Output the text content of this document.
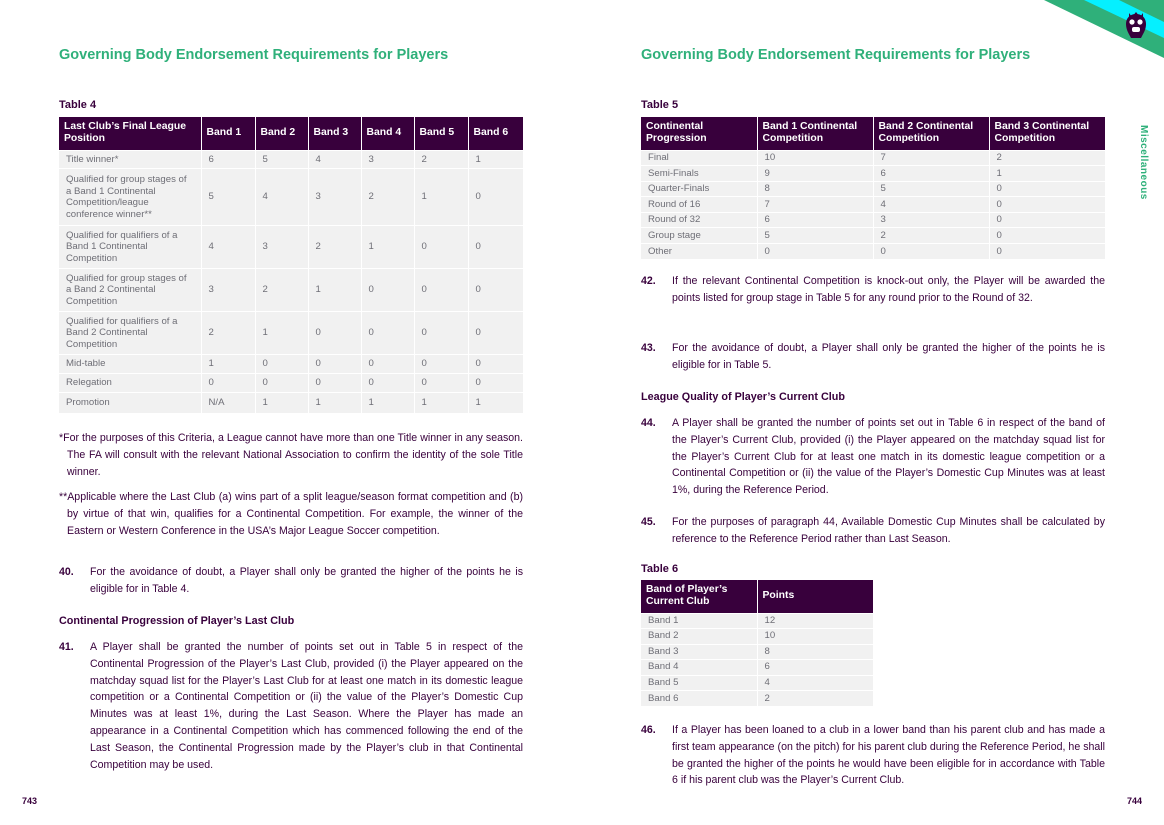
Governing Body Endorsement Requirements for Players
Table 4
Last Club’s Final League Position	Band 1	Band 2	Band 3	Band 4	Band 5	Band 6
Title winner*	6	5	4	3	2	1
Qualified for group stages of a Band 1 Continental Competition/league conference winner**	5	4	3	2	1	0
Qualified for qualifiers of a Band 1 Continental Competition	4	3	2	1	0	0
Qualified for group stages of a Band 2 Continental Competition	3	2	1	0	0	0
Qualified for qualifiers of a Band 2 Continental Competition	2	1	0	0	0	0
Mid-table	1	0	0	0	0	0
Relegation	0	0	0	0	0	0
Promotion	N/A	1	1	1	1	1
*For the purposes of this Criteria, a League cannot have more than one Title winner in any season. The FA will consult with the relevant National Association to confirm the identity of the sole Title winner.
**Applicable where the Last Club (a) wins part of a split league/season format competition and (b) by virtue of that win, qualifies for a Continental Competition. For example, the winner of the Eastern or Western Conference in the USA’s Major League Soccer competition.
40. For the avoidance of doubt, a Player shall only be granted the higher of the points he is eligible for in Table 4.
Continental Progression of Player’s Last Club
41. A Player shall be granted the number of points set out in Table 5 in respect of the Continental Progression of the Player’s Last Club, provided (i) the Player appeared on the matchday squad list for the Player’s Last Club for at least one match in its domestic league competition or a Continental Competition or (ii) the value of the Player’s Domestic Cup Minutes was at least 1%, during the Last Season. Where the Player has made an appearance in a Continental Competition which has commenced following the end of the Last Season, the Continental Progression made by the Player’s club in that Continental Competition may be used.
743
Miscellaneous
Governing Body Endorsement Requirements for Players
Table 5
Continental Progression	Band 1 Continental Competition	Band 2 Continental Competition	Band 3 Continental Competition
Final	10	7	2
Semi-Finals	9	6	1
Quarter-Finals	8	5	0
Round of 16	7	4	0
Round of 32	6	3	0
Group stage	5	2	0
Other	0	0	0
42. If the relevant Continental Competition is knock-out only, the Player will be awarded the points listed for group stage in Table 5 for any round prior to the Round of 32.
43. For the avoidance of doubt, a Player shall only be granted the higher of the points he is eligible for in Table 5.
League Quality of Player’s Current Club
44. A Player shall be granted the number of points set out in Table 6 in respect of the band of the Player’s Current Club, provided (i) the Player appeared on the matchday squad list for the Player’s Current Club for at least one match in its domestic league competition or a Continental Competition or (ii) the value of the Player’s Domestic Cup Minutes was at least 1%, during the Reference Period.
45. For the purposes of paragraph 44, Available Domestic Cup Minutes shall be calculated by reference to the Reference Period rather than Last Season.
Table 6
Band of Player’s Current Club	Points
Band 1	12
Band 2	10
Band 3	8
Band 4	6
Band 5	4
Band 6	2
46. If a Player has been loaned to a club in a lower band than his parent club and has made a first team appearance (on the pitch) for his parent club during the Reference Period, he shall be granted the higher of the points he would have been eligible for in accordance with Table 6 if his parent club was the Player’s Current Club.
744
